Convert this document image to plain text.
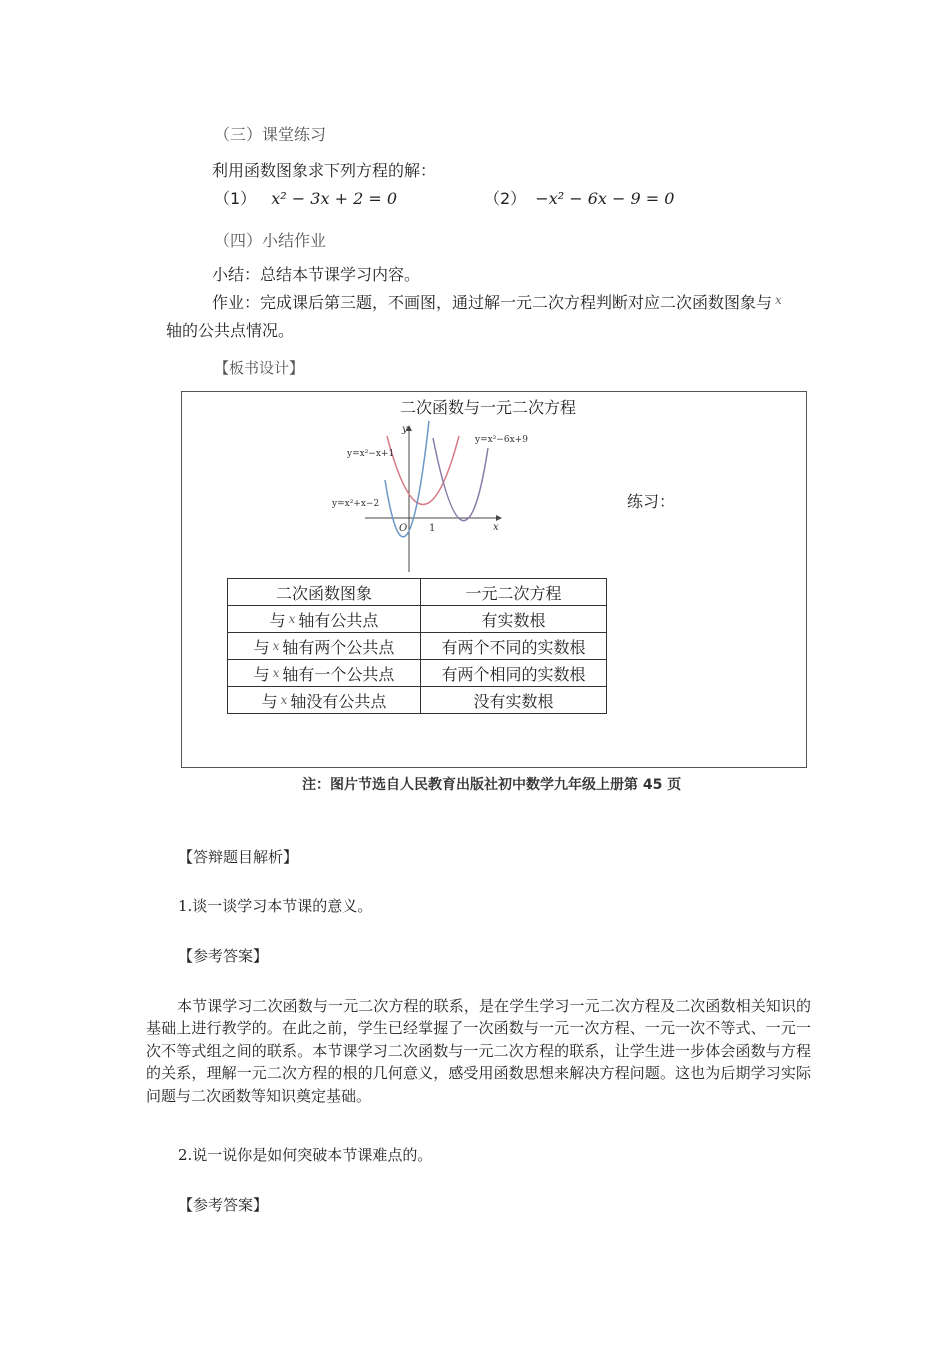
（三）课堂练习
利用函数图象求下列方程的解：
（1） x² − 3x + 2 = 0	（2） −x² − 6x − 9 = 0
（四）小结作业
小结：总结本节课学习内容。
作业：完成课后第三题，不画图，通过解一元二次方程判断对应二次函数图象与 $^x$
轴的公共点情况。
【板书设计】
二次函数与一元二次方程
练习：
y=x²−x+1
y=x²+x−2
y=x²−6x+9
x
y
O 1
二次函数图象	一元二次方程
与 x 轴有公共点	有实数根
与 x 轴有两个公共点	有两个不同的实数根
与 x 轴有一个公共点	有两个相同的实数根
与 x 轴没有公共点	没有实数根
注：图片节选自人民教育出版社初中数学九年级上册第 45 页
【答辩题目解析】
1.谈一谈学习本节课的意义。
【参考答案】
本节课学习二次函数与一元二次方程的联系，是在学生学习一元二次方程及二次函数相关知识的基础上进行教学的。在此之前，学生已经掌握了一次函数与一元一次方程、一元一次不等式、一元一次不等式组之间的联系。本节课学习二次函数与一元二次方程的联系，让学生进一步体会函数与方程的关系，理解一元二次方程的根的几何意义，感受用函数思想来解决方程问题。这也为后期学习实际问题与二次函数等知识奠定基础。
2.说一说你是如何突破本节课难点的。
【参考答案】
